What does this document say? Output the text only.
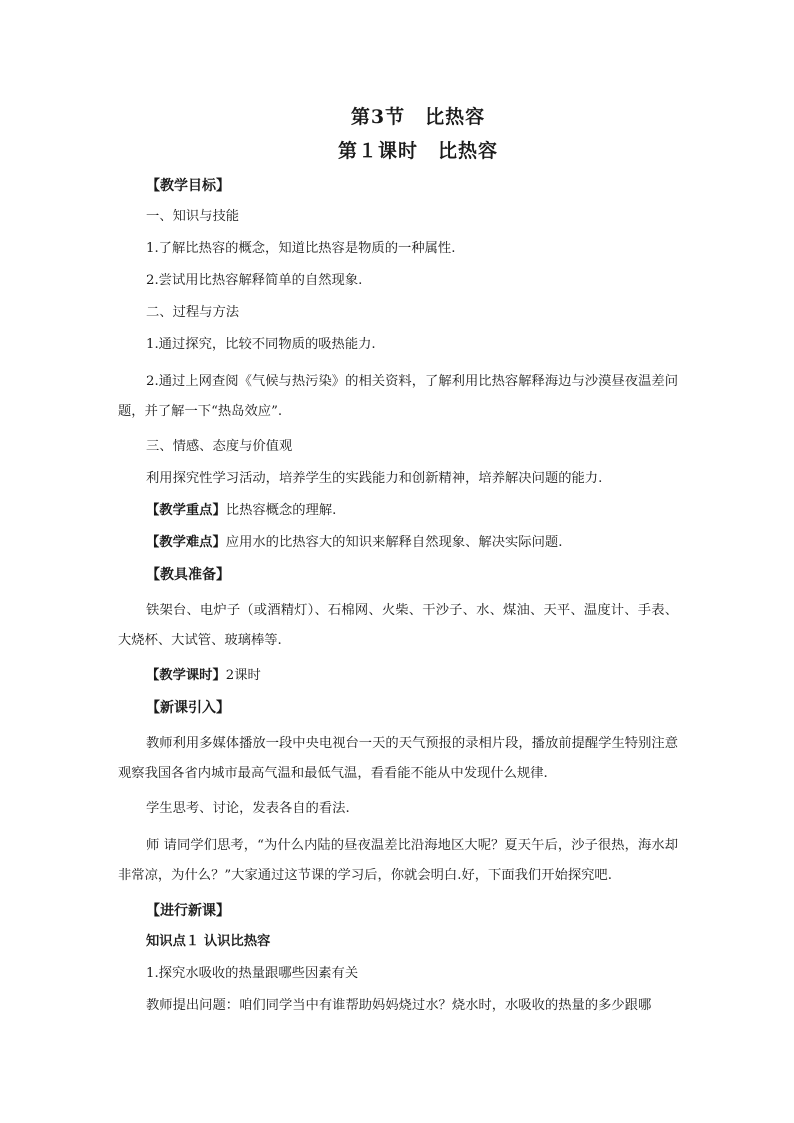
第3节 比热容
第１课时 比热容

【教学目标】

一、知识与技能

1.了解比热容的概念，知道比热容是物质的一种属性.

2.尝试用比热容解释简单的自然现象.

二、过程与方法

1.通过探究，比较不同物质的吸热能力.

2.通过上网查阅《气候与热污染》的相关资料，了解利用比热容解释海边与沙漠昼夜温差问题，并了解一下“热岛效应”.

三、情感、态度与价值观

利用探究性学习活动，培养学生的实践能力和创新精神，培养解决问题的能力.

【教学重点】比热容概念的理解.

【教学难点】应用水的比热容大的知识来解释自然现象、解决实际问题.

【教具准备】

铁架台、电炉子（或酒精灯）、石棉网、火柴、干沙子、水、煤油、天平、温度计、手表、大烧杯、大试管、玻璃棒等.

【教学课时】2课时

【新课引入】

教师利用多媒体播放一段中央电视台一天的天气预报的录相片段，播放前提醒学生特别注意观察我国各省内城市最高气温和最低气温，看看能不能从中发现什么规律.

学生思考、讨论，发表各自的看法.

师 请同学们思考，“为什么内陆的昼夜温差比沿海地区大呢？夏天午后，沙子很热，海水却非常凉，为什么？”大家通过这节课的学习后，你就会明白.好，下面我们开始探究吧.

【进行新课】

知识点１ 认识比热容

1.探究水吸收的热量跟哪些因素有关

教师提出问题：咱们同学当中有谁帮助妈妈烧过水？烧水时，水吸收的热量的多少跟哪
